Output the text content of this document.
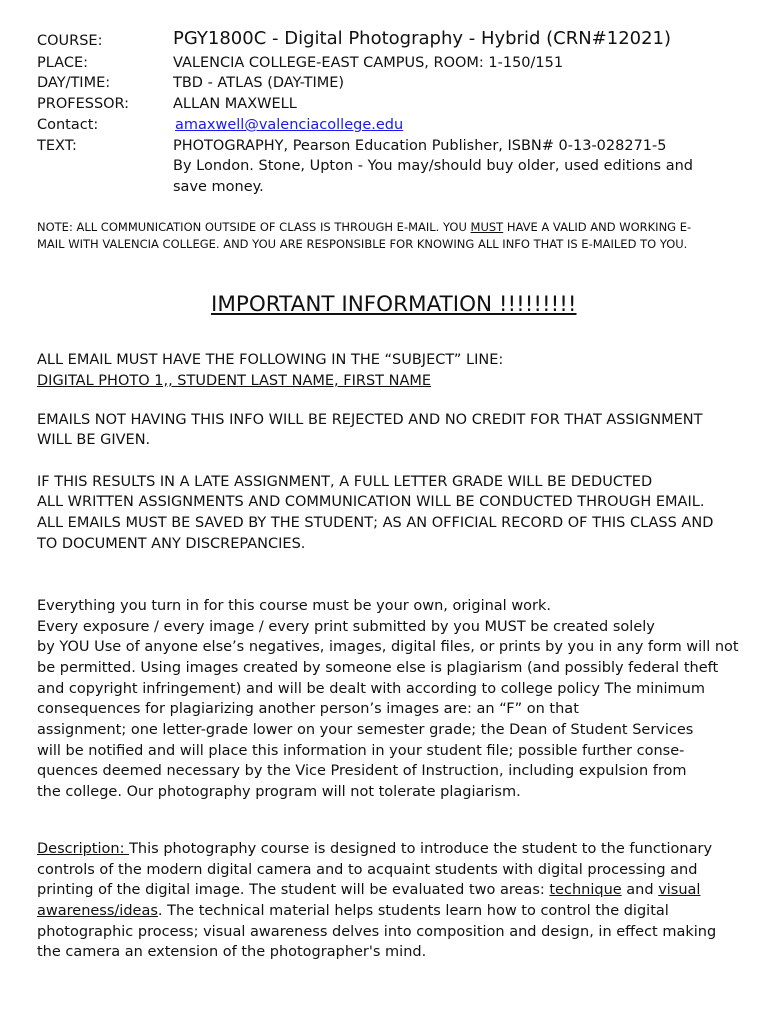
COURSE:	PGY1800C - Digital Photography - Hybrid (CRN#12021)
PLACE:	VALENCIA COLLEGE-EAST CAMPUS, ROOM: 1-150/151
DAY/TIME:	TBD - ATLAS (DAY-TIME)
PROFESSOR:	ALLAN MAXWELL
Contact:	amaxwell@valenciacollege.edu
TEXT:	PHOTOGRAPHY, Pearson Education Publisher, ISBN# 0-13-028271-5
By London. Stone, Upton - You may/should buy older, used editions and
save money.
NOTE: ALL COMMUNICATION OUTSIDE OF CLASS IS THROUGH E-MAIL. YOU MUST HAVE A VALID AND WORKING E-
MAIL WITH VALENCIA COLLEGE. AND YOU ARE RESPONSIBLE FOR KNOWING ALL INFO THAT IS E-MAILED TO YOU.
IMPORTANT INFORMATION !!!!!!!!!
ALL EMAIL MUST HAVE THE FOLLOWING IN THE “SUBJECT” LINE:
DIGITAL PHOTO 1,, STUDENT LAST NAME, FIRST NAME
EMAILS NOT HAVING THIS INFO WILL BE REJECTED AND NO CREDIT FOR THAT ASSIGNMENT
WILL BE GIVEN.
IF THIS RESULTS IN A LATE ASSIGNMENT, A FULL LETTER GRADE WILL BE DEDUCTED
ALL WRITTEN ASSIGNMENTS AND COMMUNICATION WILL BE CONDUCTED THROUGH EMAIL.
ALL EMAILS MUST BE SAVED BY THE STUDENT; AS AN OFFICIAL RECORD OF THIS CLASS AND
TO DOCUMENT ANY DISCREPANCIES.
Everything you turn in for this course must be your own, original work.
Every exposure / every image / every print submitted by you MUST be created solely
by YOU Use of anyone else’s negatives, images, digital files, or prints by you in any form will not
be permitted. Using images created by someone else is plagiarism (and possibly federal theft
and copyright infringement) and will be dealt with according to college policy The minimum
consequences for plagiarizing another person’s images are: an “F” on that
assignment; one letter-grade lower on your semester grade; the Dean of Student Services
will be notified and will place this information in your student file; possible further conse-
quences deemed necessary by the Vice President of Instruction, including expulsion from
the college. Our photography program will not tolerate plagiarism.
Description: This photography course is designed to introduce the student to the functionary
controls of the modern digital camera and to acquaint students with digital processing and
printing of the digital image. The student will be evaluated two areas: technique and visual
awareness/ideas. The technical material helps students learn how to control the digital
photographic process; visual awareness delves into composition and design, in effect making
the camera an extension of the photographer's mind.
